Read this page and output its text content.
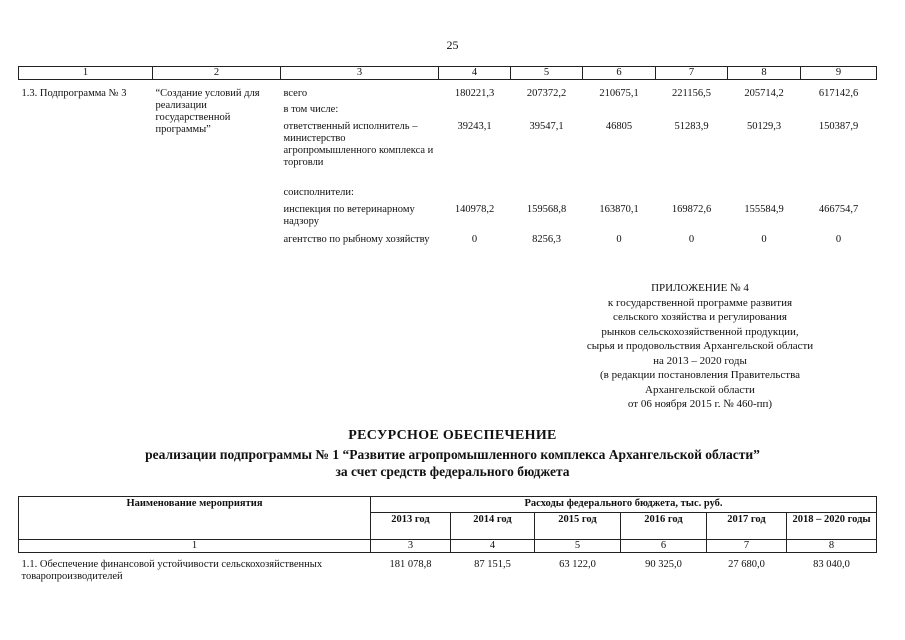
25
1	2	3	4	5	6	7	8	9

1.3. Подпрограмма № 3	“Создание условий для реализации государственной программы”	всего	180221,3	207372,2	210675,1	221156,5	205714,2	617142,6
		в том числе:						
		ответственный исполнитель – министерство агропромышленного комплекса и торговли	39243,1	39547,1	46805	51283,9	50129,3	150387,9
		соисполнители:						
		инспекция по ветеринарному надзору	140978,2	159568,8	163870,1	169872,6	155584,9	466754,7
		агентство по рыбному хозяйству	0	8256,3	0	0	0	0
ПРИЛОЖЕНИЕ № 4
к государственной программе развития
сельского хозяйства и регулирования
рынков сельскохозяйственной продукции,
сырья и продовольствия Архангельской области
на 2013 – 2020 годы
(в редакции постановления Правительства
Архангельской области
от 06 ноября 2015 г. № 460-пп)
РЕСУРСНОЕ ОБЕСПЕЧЕНИЕ
реализации подпрограммы № 1 “Развитие агропромышленного комплекса Архангельской области”
за счет средств федерального бюджета
Наименование мероприятия	Расходы федерального бюджета, тыс. руб.					
	2013 год	2014 год	2015 год	2016 год	2017 год	2018 – 2020 годы
1	3	4	5	6	7	8
1.1. Обеспечение финансовой устойчивости сельскохозяйственных товаропроизводителей	181 078,8	87 151,5	63 122,0	90 325,0	27 680,0	83 040,0
